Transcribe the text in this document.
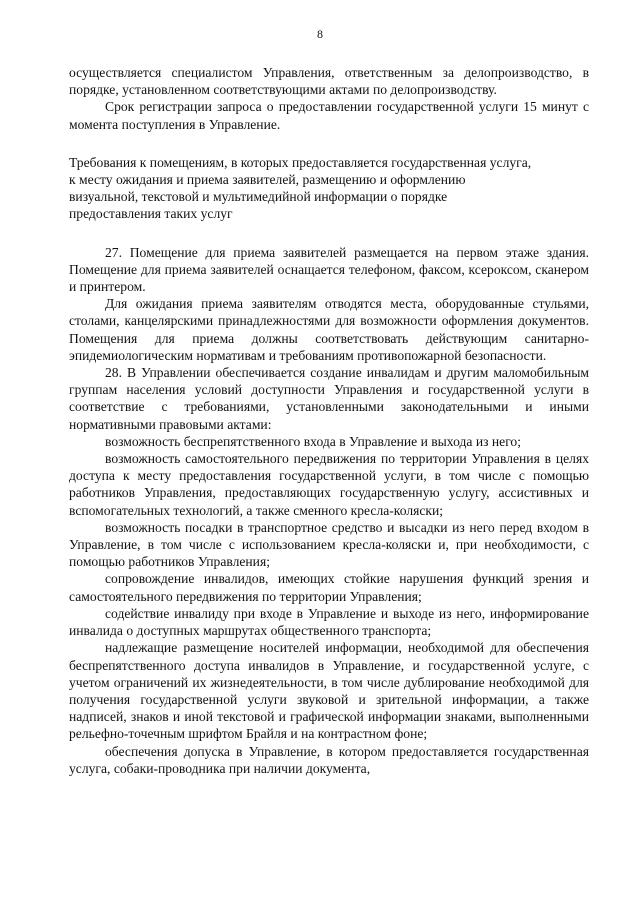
8

осуществляется специалистом Управления, ответственным за делопроизводство, в порядке, установленном соответствующими актами по делопроизводству.

Срок регистрации запроса о предоставлении государственной услуги 15 минут с момента поступления в Управление.

Требования к помещениям, в которых предоставляется государственная услуга,

к месту ожидания и приема заявителей, размещению и оформлению

визуальной, текстовой и мультимедийной информации о порядке

предоставления таких услуг

27. Помещение для приема заявителей размещается на первом этаже здания. Помещение для приема заявителей оснащается телефоном, факсом, ксероксом, сканером и принтером.

Для ожидания приема заявителям отводятся места, оборудованные стульями, столами, канцелярскими принадлежностями для возможности оформления документов. Помещения для приема должны соответствовать действующим санитарно-эпидемиологическим нормативам и требованиям противопожарной безопасности.

28. В Управлении обеспечивается создание инвалидам и другим маломобильным группам населения условий доступности Управления и государственной услуги в соответствие с требованиями, установленными законодательными и иными нормативными правовыми актами:

возможность беспрепятственного входа в Управление и выхода из него;

возможность самостоятельного передвижения по территории Управления в целях доступа к месту предоставления государственной услуги, в том числе с помощью работников Управления, предоставляющих государственную услугу, ассистивных и вспомогательных технологий, а также сменного кресла-коляски;

возможность посадки в транспортное средство и высадки из него перед входом в Управление, в том числе с использованием кресла-коляски и, при необходимости, с помощью работников Управления;

сопровождение инвалидов, имеющих стойкие нарушения функций зрения и самостоятельного передвижения по территории Управления;

содействие инвалиду при входе в Управление и выходе из него, информирование инвалида о доступных маршрутах общественного транспорта;

надлежащие размещение носителей информации, необходимой для обеспечения беспрепятственного доступа инвалидов в Управление, и государственной услуге, с учетом ограничений их жизнедеятельности, в том числе дублирование необходимой для получения государственной услуги звуковой и зрительной информации, а также надписей, знаков и иной текстовой и графической информации знаками, выполненными рельефно-точечным шрифтом Брайля и на контрастном фоне;

обеспечения допуска в Управление, в котором предоставляется государственная услуга, собаки-проводника при наличии документа,
